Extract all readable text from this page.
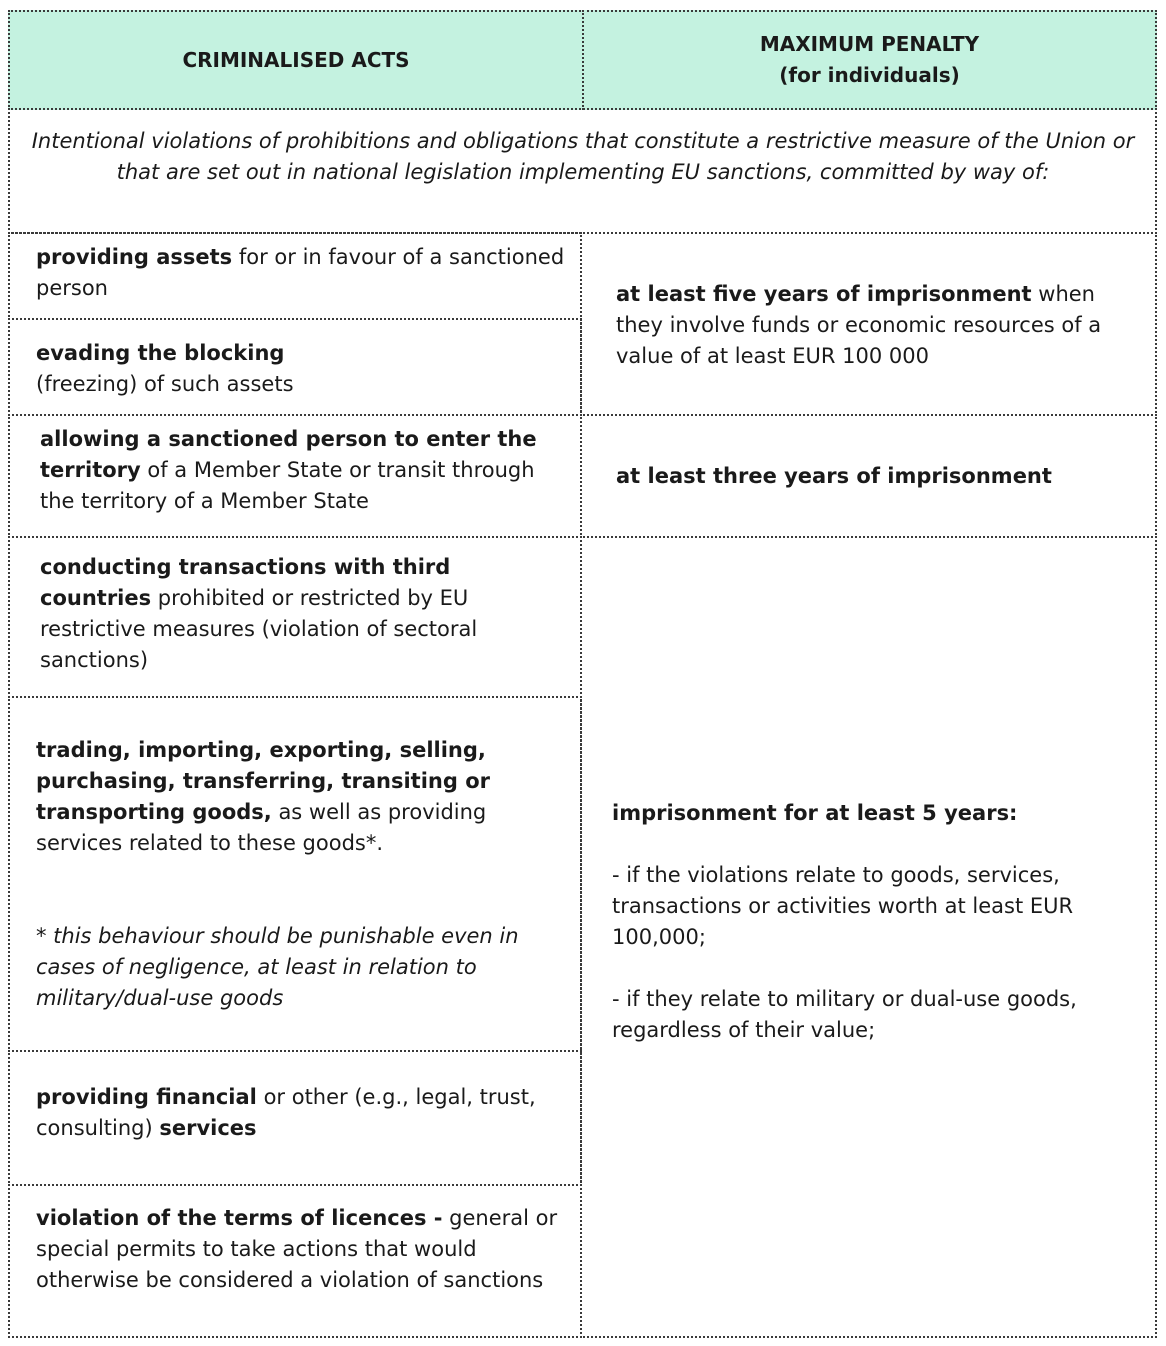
CRIMINALISED ACTS
MAXIMUM PENALTY
(for individuals)
Intentional violations of prohibitions and obligations that constitute a restrictive measure of the Union or that are set out in national legislation implementing EU sanctions, committed by way of:
providing assets for or in favour of a sanctioned person
evading the blocking
(freezing) of such assets
allowing a sanctioned person to enter the territory of a Member State or transit through the territory of a Member State
conducting transactions with third countries prohibited or restricted by EU restrictive measures (violation of sectoral sanctions)
trading, importing, exporting, selling, purchasing, transferring, transiting or transporting goods, as well as providing services related to these goods*.
* this behaviour should be punishable even in cases of negligence, at least in relation to military/dual-use goods
providing financial or other (e.g., legal, trust, consulting) services
violation of the terms of licences - general or special permits to take actions that would otherwise be considered a violation of sanctions
at least five years of imprisonment when they involve funds or economic resources of a value of at least EUR 100 000
at least three years of imprisonment
imprisonment for at least 5 years:
- if the violations relate to goods, services, transactions or activities worth at least EUR 100,000;
- if they relate to military or dual-use goods, regardless of their value;
